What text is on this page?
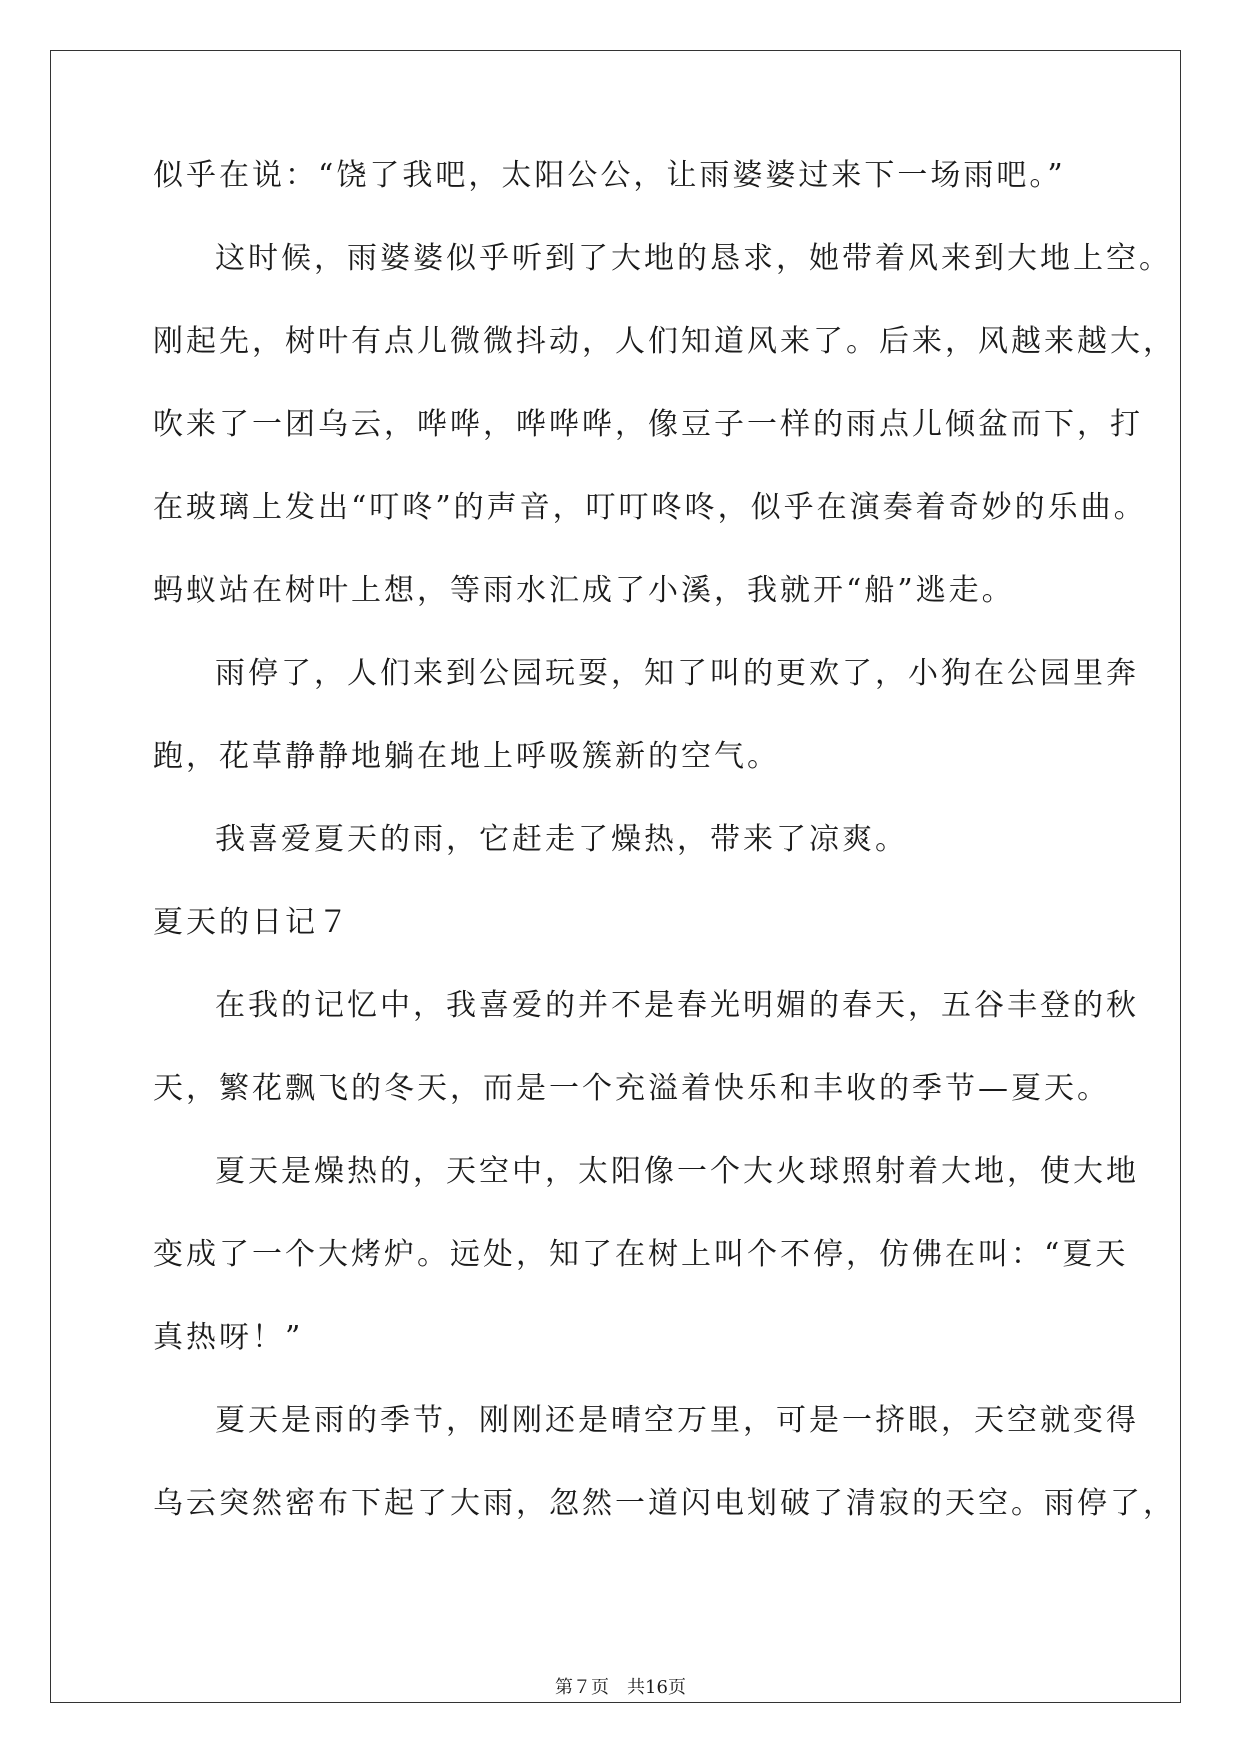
似乎在说：“饶了我吧，太阳公公，让雨婆婆过来下一场雨吧。”
这时候，雨婆婆似乎听到了大地的恳求，她带着风来到大地上空。
刚起先，树叶有点儿微微抖动，人们知道风来了。后来，风越来越大，
吹来了一团乌云，哗哗，哗哗哗，像豆子一样的雨点儿倾盆而下，打
在玻璃上发出“叮咚”的声音，叮叮咚咚，似乎在演奏着奇妙的乐曲。
蚂蚁站在树叶上想，等雨水汇成了小溪，我就开“船”逃走。
雨停了，人们来到公园玩耍，知了叫的更欢了，小狗在公园里奔
跑，花草静静地躺在地上呼吸簇新的空气。
我喜爱夏天的雨，它赶走了燥热，带来了凉爽。
夏天的日记７
在我的记忆中，我喜爱的并不是春光明媚的春天，五谷丰登的秋
天，繁花飘飞的冬天，而是一个充溢着快乐和丰收的季节—夏天。
夏天是燥热的，天空中，太阳像一个大火球照射着大地，使大地
变成了一个大烤炉。远处，知了在树上叫个不停，仿佛在叫：“夏天
真热呀！”
夏天是雨的季节，刚刚还是晴空万里，可是一挤眼，天空就变得
乌云突然密布下起了大雨，忽然一道闪电划破了清寂的天空。雨停了，
第７页　共16页
